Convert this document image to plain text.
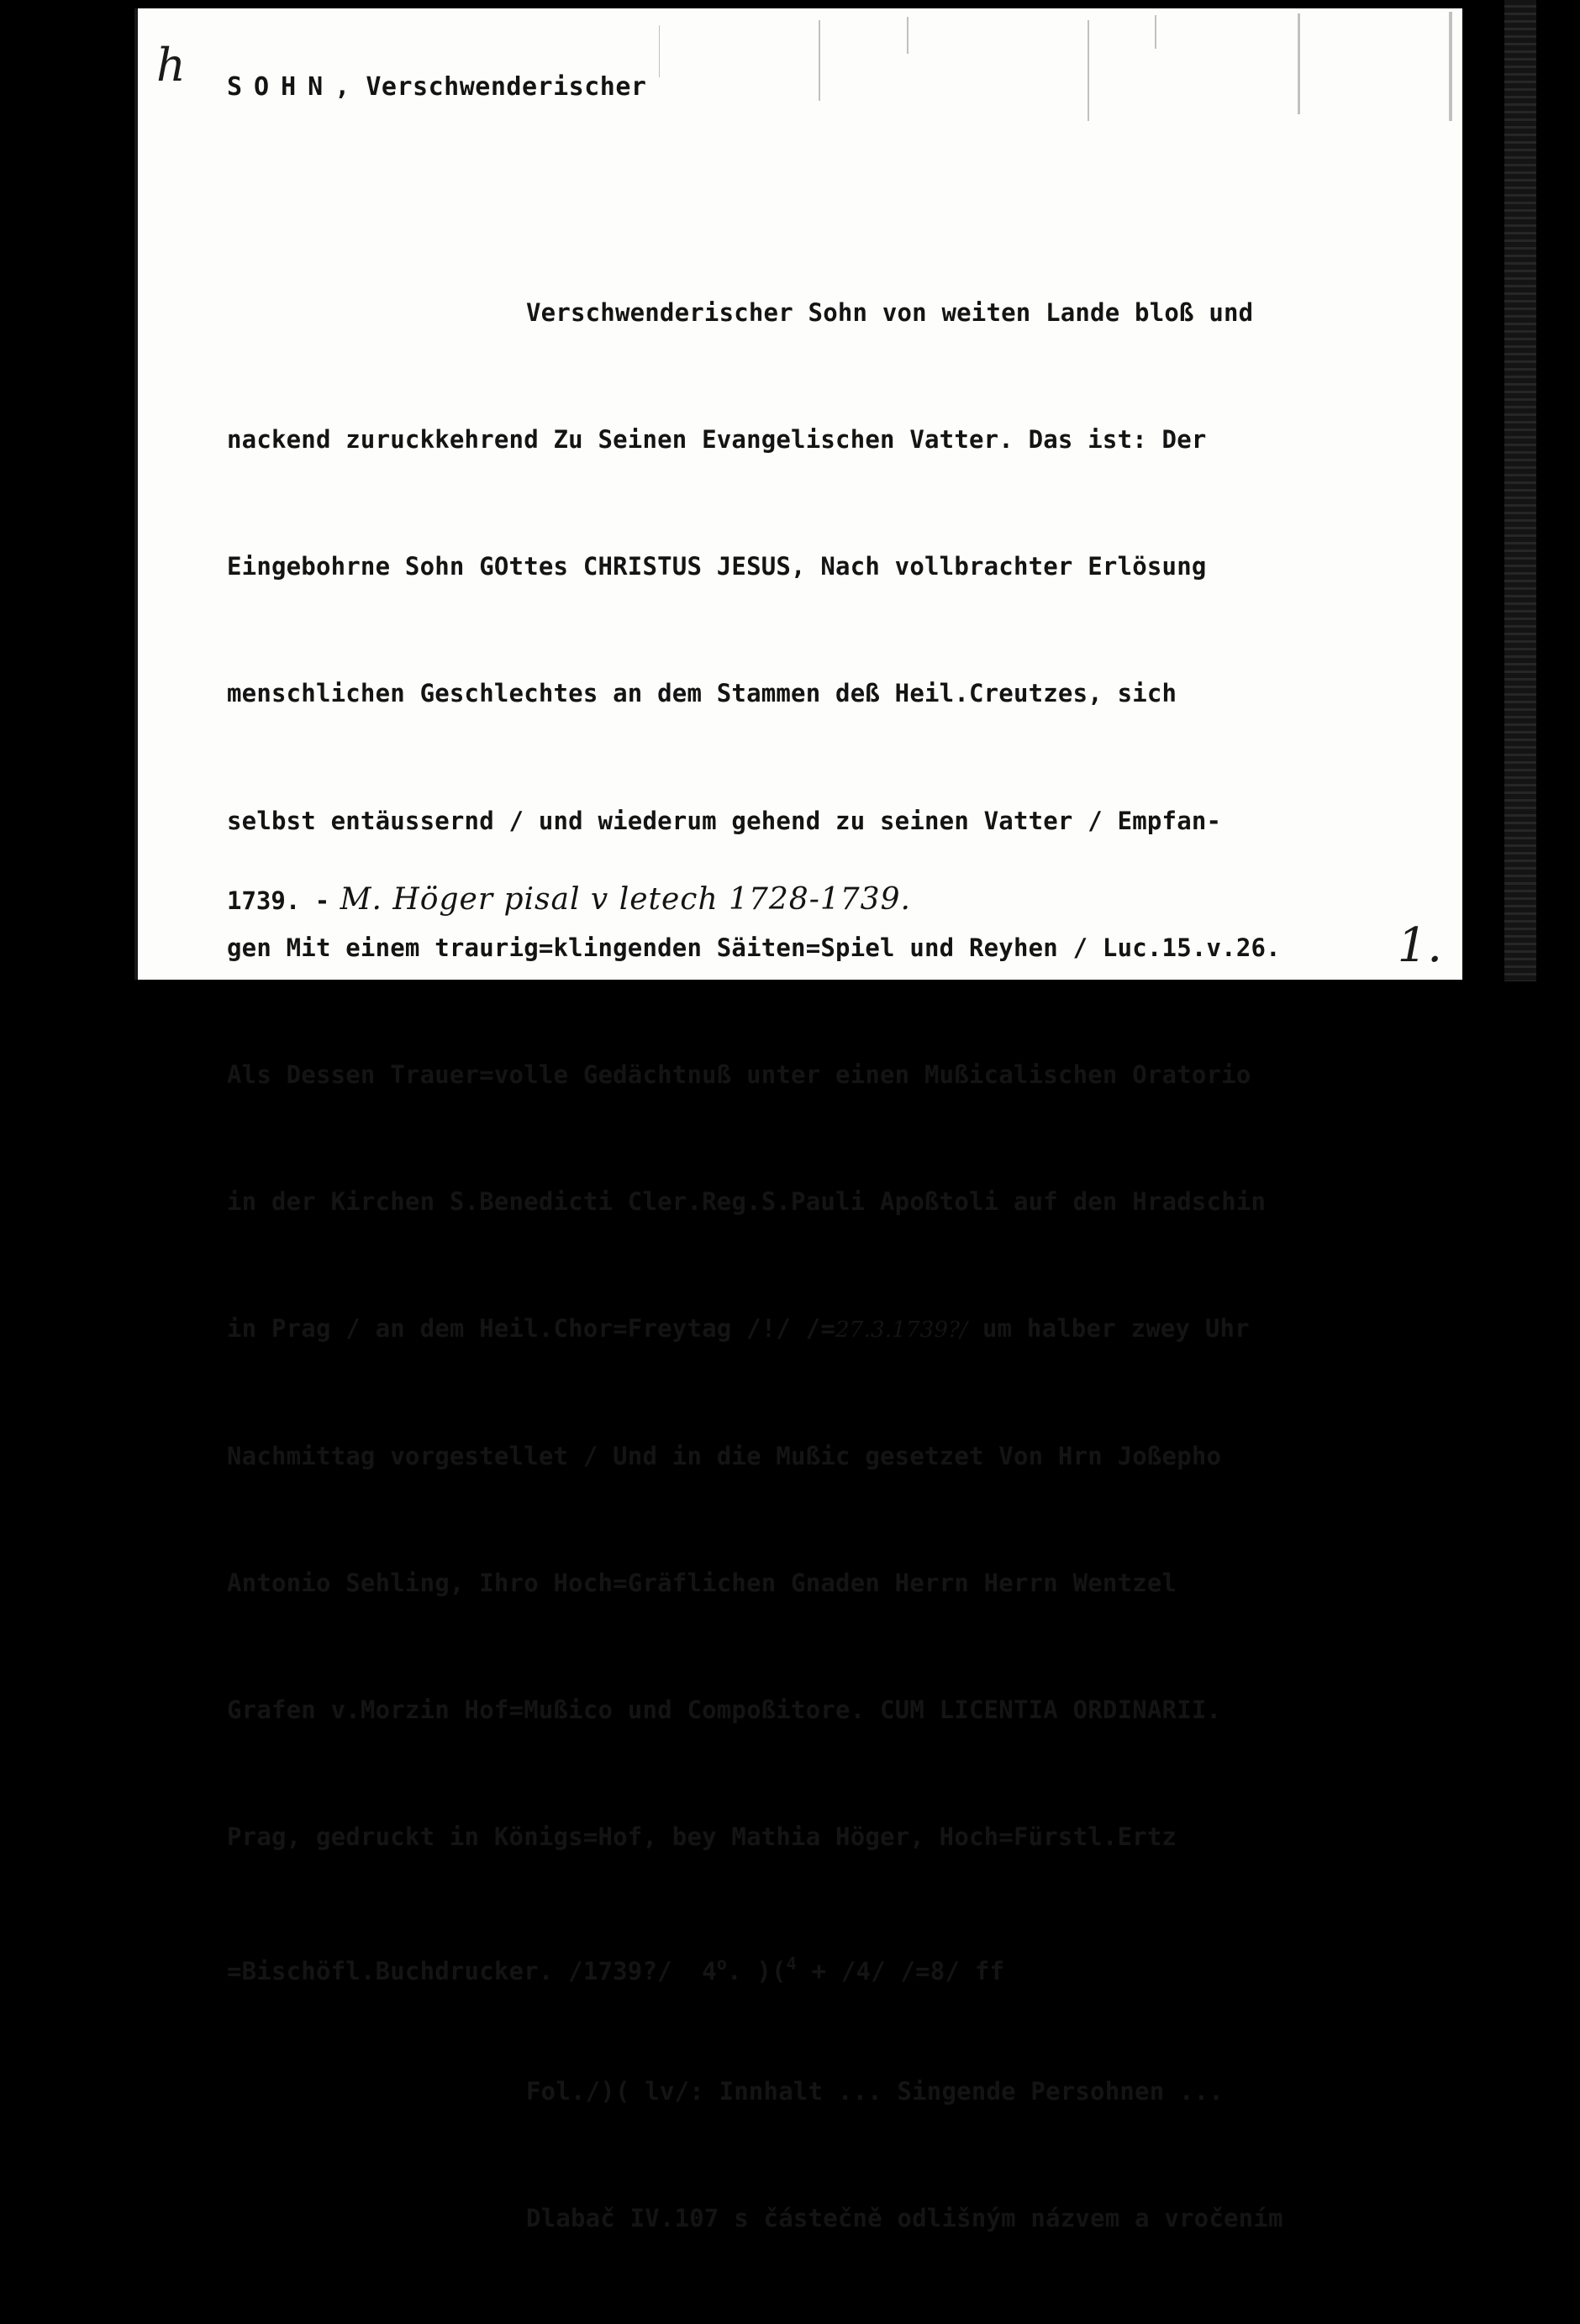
h SOHN, Verschwenderischer

Verschwenderischer Sohn von weiten Lande bloß und

nackend zuruckkehrend Zu Seinen Evangelischen Vatter. Das ist: Der

Eingebohrne Sohn GOttes CHRISTUS JESUS, Nach vollbrachter Erlösung

menschlichen Geschlechtes an dem Stammen deß Heil.Creutzes, sich

selbst entäussernd / und wiederum gehend zu seinen Vatter / Empfan-

gen Mit einem traurig=klingenden Säiten=Spiel und Reyhen / Luc.15.v.26.

Als Dessen Trauer=volle Gedächtnuß unter einen Mußicalischen Oratorio

in der Kirchen S.Benedicti Cler.Reg.S.Pauli Apoßtoli auf den Hradschin

in Prag / an dem Heil.Chor=Freytag /!/ /=27.3.1739?/ um halber zwey Uhr

Nachmittag vorgestellet / Und in die Mußic gesetzet Von Hrn Joßepho

Antonio Sehling, Ihro Hoch=Gräflichen Gnaden Herrn Herrn Wentzel

Grafen v.Morzin Hof=Mußico und Compoßitore. CUM LICENTIA ORDINARII.

Prag, gedruckt in Königs=Hof, bey Mathia Höger, Hoch=Fürstl.Ertz

=Bischöfl.Buchdrucker. /1739?/  4$^o$. )($^4$ + /4/ /=8/ ff

Fol./)( lv/: Innhalt ... Singende Persohnen ...

Dlabač IV.107 s částečně odlišným názvem a vročením

1739. - M. Höger pisal v letech 1728-1739.
1.
